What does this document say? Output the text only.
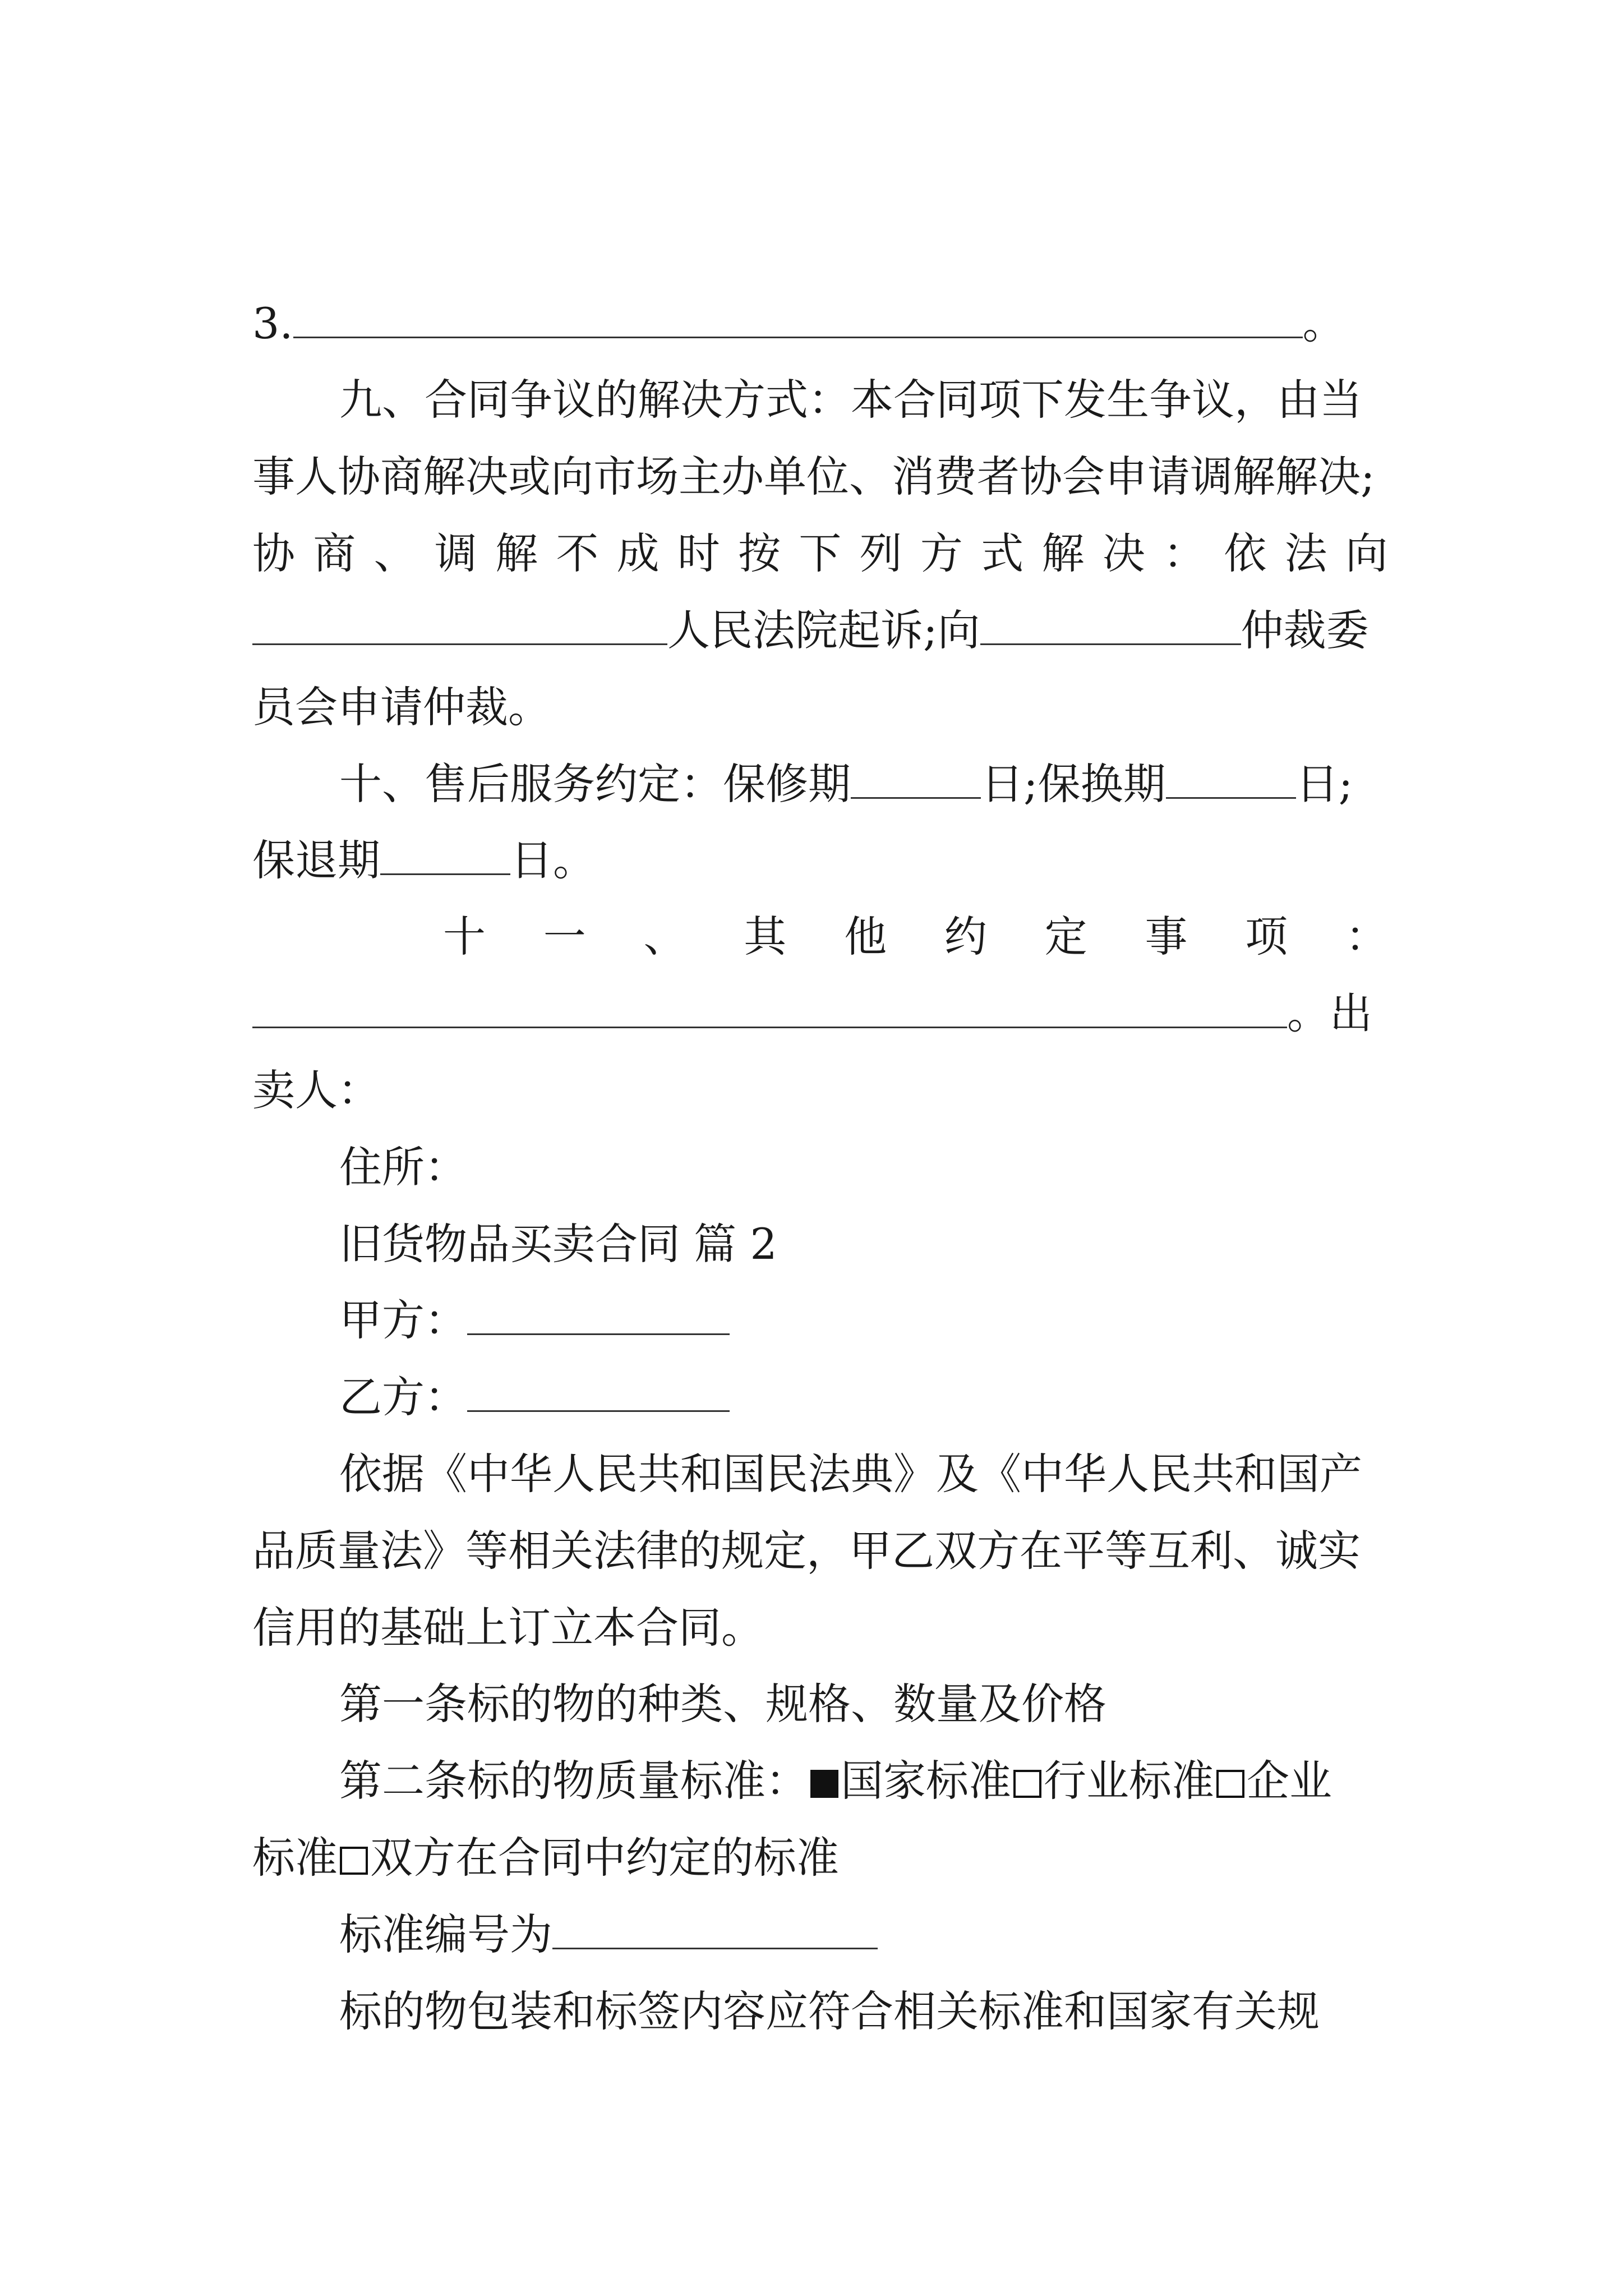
3.	。
九、合同争议的解决方式：本合同项下发生争议，由当
事人协商解决或向市场主办单位、消费者协会申请调解解决;
协 商 、 调 解 不 成 时 按 下 列 方 式 解 决 ： 依 法 向
人民法院起诉;向	仲裁委
员会申请仲裁。
十、售后服务约定：保修期	日;保换期	日;
保退期	日。
十 一 、 其 他 约 定 事 项 ：
。出
卖人：
住所：
旧货物品买卖合同 篇 2
甲方：
乙方：
依据《中华人民共和国民法典》及《中华人民共和国产
品质量法》等相关法律的规定，甲乙双方在平等互利、诚实
信用的基础上订立本合同。
第一条标的物的种类、规格、数量及价格
第二条标的物质量标准： 国家标准 行业标准 企业
标准 双方在合同中约定的标准
标准编号为
标的物包装和标签内容应符合相关标准和国家有关规
